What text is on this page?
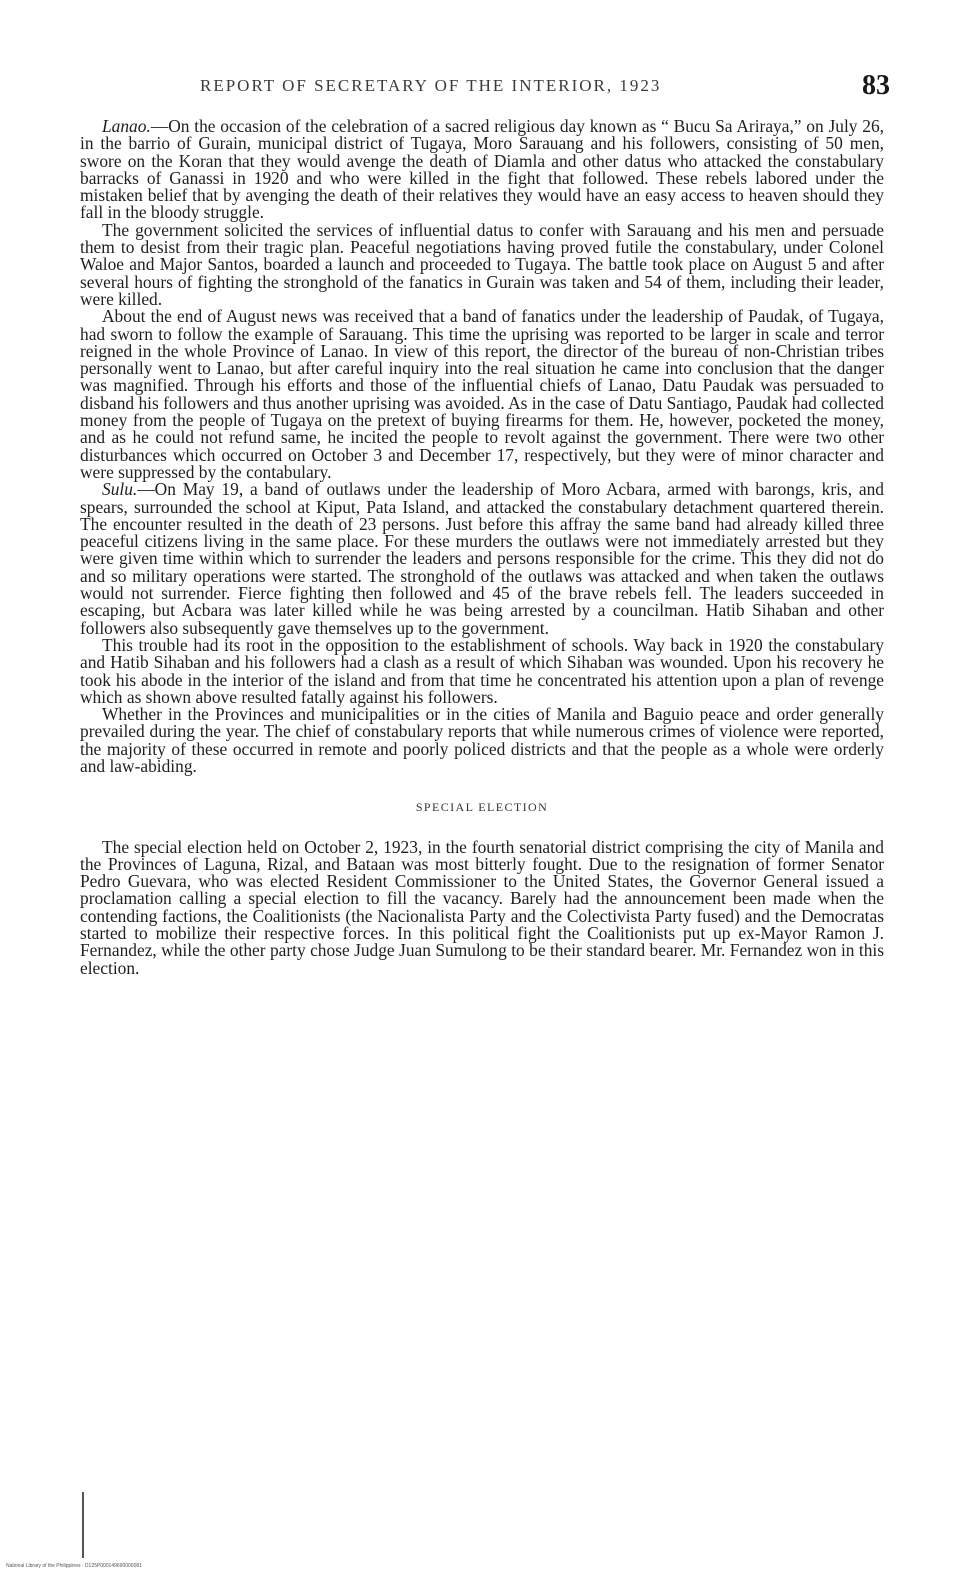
REPORT OF SECRETARY OF THE INTERIOR, 1923	83

Lanao.—On the occasion of the celebration of a sacred religious day known as “ Bucu Sa Ariraya,” on July 26, in the barrio of Gurain, municipal district of Tugaya, Moro Sarauang and his followers, consisting of 50 men, swore on the Koran that they would avenge the death of Diamla and other datus who attacked the constabulary barracks of Ganassi in 1920 and who were killed in the fight that followed. These rebels labored under the mistaken belief that by avenging the death of their relatives they would have an easy access to heaven should they fall in the bloody struggle.

The government solicited the services of influential datus to confer with Sarauang and his men and persuade them to desist from their tragic plan. Peaceful negotiations having proved futile the constabulary, under Colonel Waloe and Major Santos, boarded a launch and proceeded to Tugaya. The battle took place on August 5 and after several hours of fighting the stronghold of the fanatics in Gurain was taken and 54 of them, including their leader, were killed.

About the end of August news was received that a band of fanatics under the leadership of Paudak, of Tugaya, had sworn to follow the example of Sarauang. This time the uprising was reported to be larger in scale and terror reigned in the whole Province of Lanao. In view of this report, the director of the bureau of non-Christian tribes personally went to Lanao, but after careful inquiry into the real situation he came into conclusion that the danger was magnified. Through his efforts and those of the influential chiefs of Lanao, Datu Paudak was persuaded to disband his followers and thus another uprising was avoided. As in the case of Datu Santiago, Paudak had collected money from the people of Tugaya on the pretext of buying firearms for them. He, however, pocketed the money, and as he could not refund same, he incited the people to revolt against the government. There were two other disturbances which occurred on October 3 and December 17, respectively, but they were of minor character and were suppressed by the contabulary.

Sulu.—On May 19, a band of outlaws under the leadership of Moro Acbara, armed with barongs, kris, and spears, surrounded the school at Kiput, Pata Island, and attacked the constabulary detachment quartered therein. The encounter resulted in the death of 23 persons. Just before this affray the same band had already killed three peaceful citizens living in the same place. For these murders the outlaws were not immediately arrested but they were given time within which to surrender the leaders and persons responsible for the crime. This they did not do and so military operations were started. The stronghold of the outlaws was attacked and when taken the outlaws would not surrender. Fierce fighting then followed and 45 of the brave rebels fell. The leaders succeeded in escaping, but Acbara was later killed while he was being arrested by a councilman. Hatib Sihaban and other followers also subsequently gave themselves up to the government.

This trouble had its root in the opposition to the establishment of schools. Way back in 1920 the constabulary and Hatib Sihaban and his followers had a clash as a result of which Sihaban was wounded. Upon his recovery he took his abode in the interior of the island and from that time he concentrated his attention upon a plan of revenge which as shown above resulted fatally against his followers.

Whether in the Provinces and municipalities or in the cities of Manila and Baguio peace and order generally prevailed during the year. The chief of constabulary reports that while numerous crimes of violence were reported, the majority of these occurred in remote and poorly policed districts and that the people as a whole were orderly and law-abiding.

SPECIAL ELECTION

The special election held on October 2, 1923, in the fourth senatorial district comprising the city of Manila and the Provinces of Laguna, Rizal, and Bataan was most bitterly fought. Due to the resignation of former Senator Pedro Guevara, who was elected Resident Commissioner to the United States, the Governor General issued a proclamation calling a special election to fill the vacancy. Barely had the announcement been made when the contending factions, the Coalitionists (the Nacionalista Party and the Colectivista Party fused) and the Democratas started to mobilize their respective forces. In this political fight the Coalitionists put up ex-Mayor Ramon J. Fernandez, while the other party chose Judge Juan Sumulong to be their standard bearer. Mr. Fernandez won in this election.

National Library of the Philippines · D125P000149690000081
